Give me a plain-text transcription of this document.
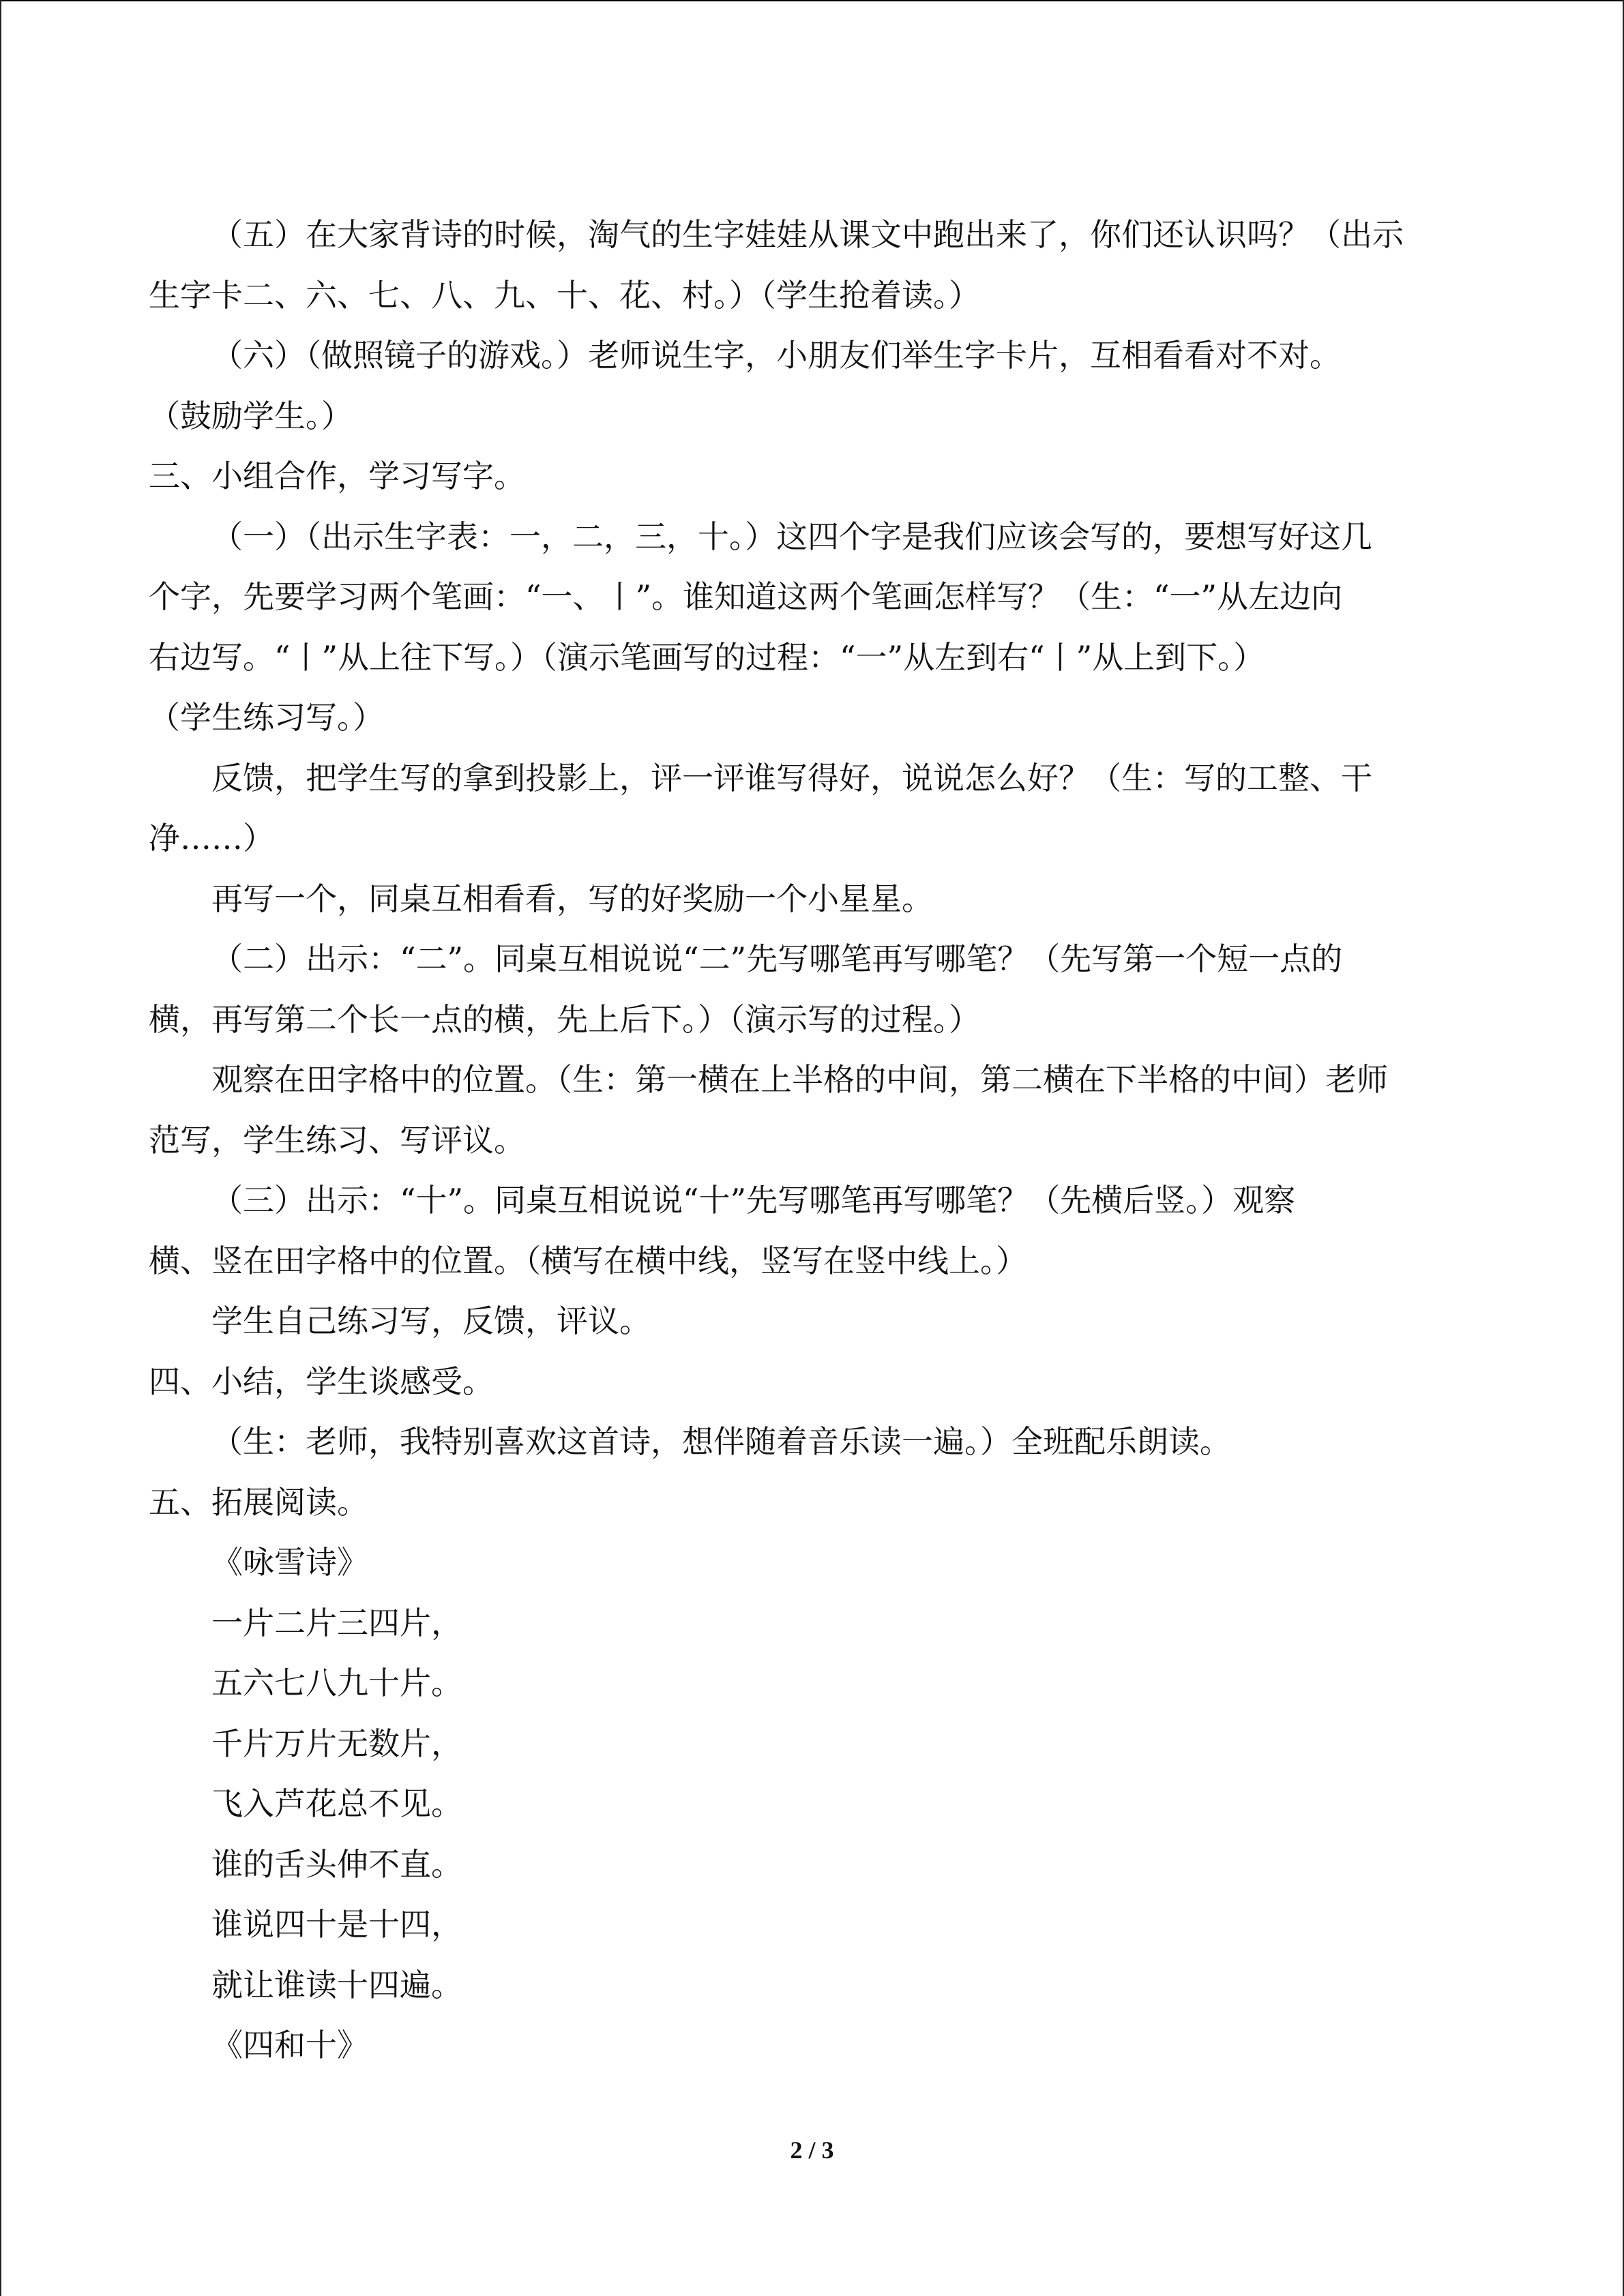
（五）在大家背诗的时候，淘气的生字娃娃从课文中跑出来了，你们还认识吗？（出示
生字卡二、六、七、八、九、十、花、村。）（学生抢着读。）
（六）（做照镜子的游戏。）老师说生字，小朋友们举生字卡片，互相看看对不对。
（鼓励学生。）
三、小组合作，学习写字。
（一）（出示生字表：一，二，三，十。）这四个字是我们应该会写的，要想写好这几
个字，先要学习两个笔画：“一、丨”。谁知道这两个笔画怎样写？（生：“一”从左边向
右边写。“丨”从上往下写。）（演示笔画写的过程：“一”从左到右“丨”从上到下。）
（学生练习写。）
反馈，把学生写的拿到投影上，评一评谁写得好，说说怎么好？（生：写的工整、干
净……）
再写一个，同桌互相看看，写的好奖励一个小星星。
（二）出示：“二”。同桌互相说说“二”先写哪笔再写哪笔？（先写第一个短一点的
横，再写第二个长一点的横，先上后下。）（演示写的过程。）
观察在田字格中的位置。（生：第一横在上半格的中间，第二横在下半格的中间）老师
范写，学生练习、写评议。
（三）出示：“十”。同桌互相说说“十”先写哪笔再写哪笔？（先横后竖。）观察
横、竖在田字格中的位置。（横写在横中线，竖写在竖中线上。）
学生自己练习写，反馈，评议。
四、小结，学生谈感受。
（生：老师，我特别喜欢这首诗，想伴随着音乐读一遍。）全班配乐朗读。
五、拓展阅读。
《咏雪诗》
一片二片三四片，
五六七八九十片。
千片万片无数片，
飞入芦花总不见。
谁的舌头伸不直。
谁说四十是十四，
就让谁读十四遍。
《四和十》
2 / 3
